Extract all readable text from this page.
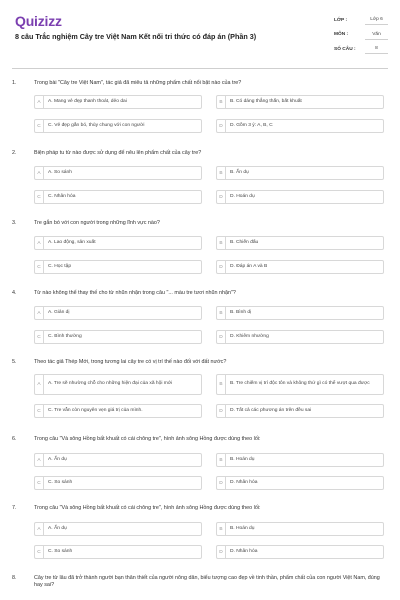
Quizizz
8 câu Trắc nghiệm Cây tre Việt Nam Kết nối tri thức có đáp án (Phần 3)
LỚP :	Lớp 6
MÔN :	Văn
SỐ CÂU :	8
1.	Trong bài "Cây tre Việt Nam", tác giả đã miêu tả những phẩm chất nổi bật nào của tre?
A	A. Mang vẻ đẹp thanh thoát, dẻo dai	B	B. Có dáng thẳng thắn, bất khuất
C	C. Vẻ đẹp gắn bó, thủy chung với con người	D	D. Gồm 3 ý: A, B, C
2.	Biện pháp tu từ nào được sử dụng để nêu lên phẩm chất của cây tre?
A	A. So sánh	B	B. Ẩn dụ
C	C. Nhân hóa	D	D. Hoán dụ
3.	Tre gắn bó với con người trong những lĩnh vực nào?
A	A. Lao động, sản xuất	B	B. Chiến đấu
C	C. Học tập	D	D. Đáp án A và B
4.	Từ nào không thể thay thế cho từ nhũn nhặn trong câu "... màu tre tươi nhũn nhặn"?
A	A. Giản dị	B	B. Bình dị
C	C. Bình thường	D	D. Khiêm nhường
5.	Theo tác giả Thép Mới, trong tương lai cây tre có vị trí thế nào đối với đất nước?
A	A. Tre sẽ nhường chỗ cho những hiện đại của xã hội mới	B	B. Tre chiếm vị trí độc tôn và không thứ gì có thể vượt qua được
C	C. Tre vẫn còn nguyên vẹn giá trị của mình.	D	D. Tất cả các phương án trên đều sai
6.	Trong câu "Và sông Hồng bất khuất có cái chông tre", hình ảnh sông Hồng được dùng theo lối:
A	A. Ẩn dụ	B	B. Hoán dụ
C	C. So sánh	D	D. Nhân hóa
7.	Trong câu "Và sông Hồng bất khuất có cái chông tre", hình ảnh sông Hồng được dùng theo lối:
A	A. Ẩn dụ	B	B. Hoán dụ
C	C. So sánh	D	D. Nhân hóa
8.	Cây tre từ lâu đã trở thành người bạn thân thiết của người nông dân, biểu tượng cao đẹp về tinh thần, phẩm chất của con người Việt Nam, đúng hay sai?
